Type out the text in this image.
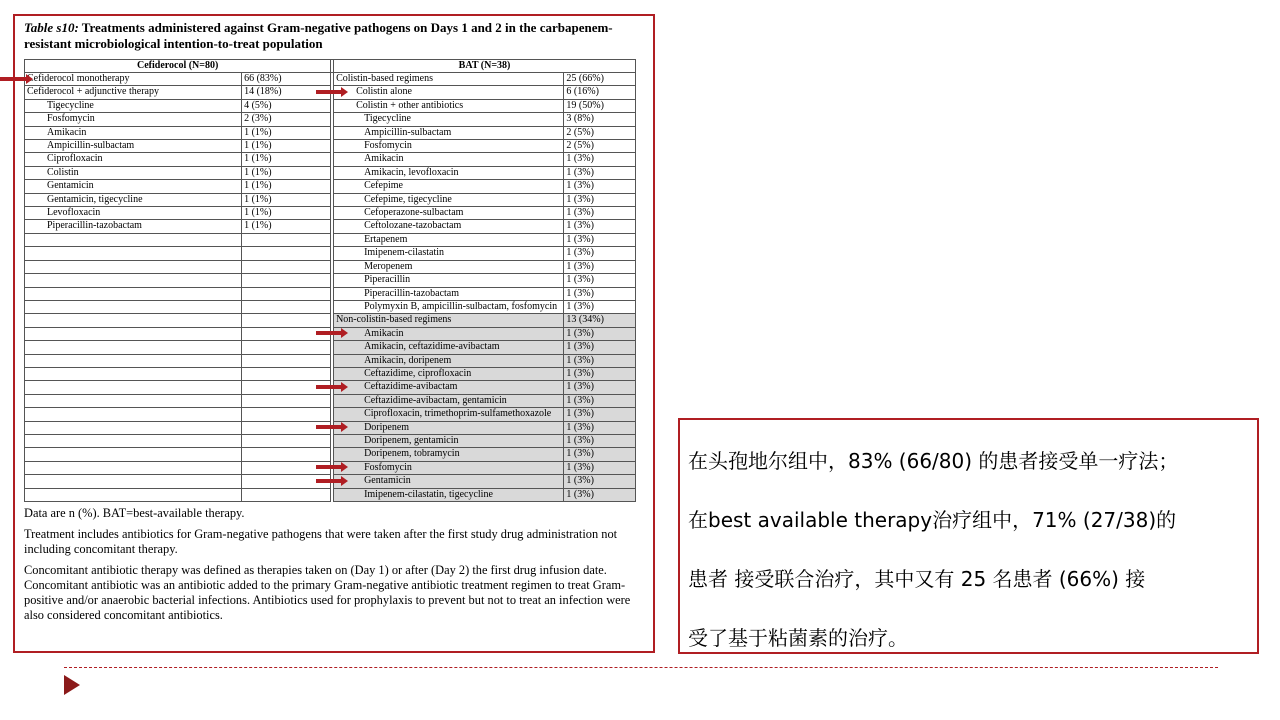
Table s10: Treatments administered against Gram-negative pathogens on Days 1 and 2 in the carbapenem-resistant microbiological intention-to-treat population

Cefiderocol (N=80)			BAT (N=38)	
Cefiderocol monotherapy	66 (83%)		Colistin-based regimens	25 (66%)
Cefiderocol + adjunctive therapy	14 (18%)		Colistin alone	6 (16%)
Tigecycline	4 (5%)		Colistin + other antibiotics	19 (50%)
Fosfomycin	2 (3%)		Tigecycline	3 (8%)
Amikacin	1 (1%)		Ampicillin-sulbactam	2 (5%)
Ampicillin-sulbactam	1 (1%)		Fosfomycin	2 (5%)
Ciprofloxacin	1 (1%)		Amikacin	1 (3%)
Colistin	1 (1%)		Amikacin, levofloxacin	1 (3%)
Gentamicin	1 (1%)		Cefepime	1 (3%)
Gentamicin, tigecycline	1 (1%)		Cefepime, tigecycline	1 (3%)
Levofloxacin	1 (1%)		Cefoperazone-sulbactam	1 (3%)
Piperacillin-tazobactam	1 (1%)		Ceftolozane-tazobactam	1 (3%)
			Ertapenem	1 (3%)
			Imipenem-cilastatin	1 (3%)
			Meropenem	1 (3%)
			Piperacillin	1 (3%)
			Piperacillin-tazobactam	1 (3%)
			Polymyxin B, ampicillin-sulbactam, fosfomycin	1 (3%)
			Non-colistin-based regimens	13 (34%)
			Amikacin	1 (3%)
			Amikacin, ceftazidime-avibactam	1 (3%)
			Amikacin, doripenem	1 (3%)
			Ceftazidime, ciprofloxacin	1 (3%)
			Ceftazidime-avibactam	1 (3%)
			Ceftazidime-avibactam, gentamicin	1 (3%)
			Ciprofloxacin, trimethoprim-sulfamethoxazole	1 (3%)
			Doripenem	1 (3%)
			Doripenem, gentamicin	1 (3%)
			Doripenem, tobramycin	1 (3%)
			Fosfomycin	1 (3%)
			Gentamicin	1 (3%)
			Imipenem-cilastatin, tigecycline	1 (3%)

Data are n (%). BAT=best-available therapy.

Treatment includes antibiotics for Gram-negative pathogens that were taken after the first study drug administration not including concomitant therapy.

Concomitant antibiotic therapy was defined as therapies taken on (Day 1) or after (Day 2) the first drug infusion date. Concomitant antibiotic was an antibiotic added to the primary Gram-negative antibiotic treatment regimen to treat Gram-positive and/or anaerobic bacterial infections. Antibiotics used for prophylaxis to prevent but not to treat an infection were also considered concomitant antibiotics.

在头孢地尔组中，83% (66/80) 的患者接受单一疗法；
在best available therapy治疗组中，71% (27/38)的
患者 接受联合治疗，其中又有 25 名患者 (66%) 接
受了基于粘菌素的治疗。
